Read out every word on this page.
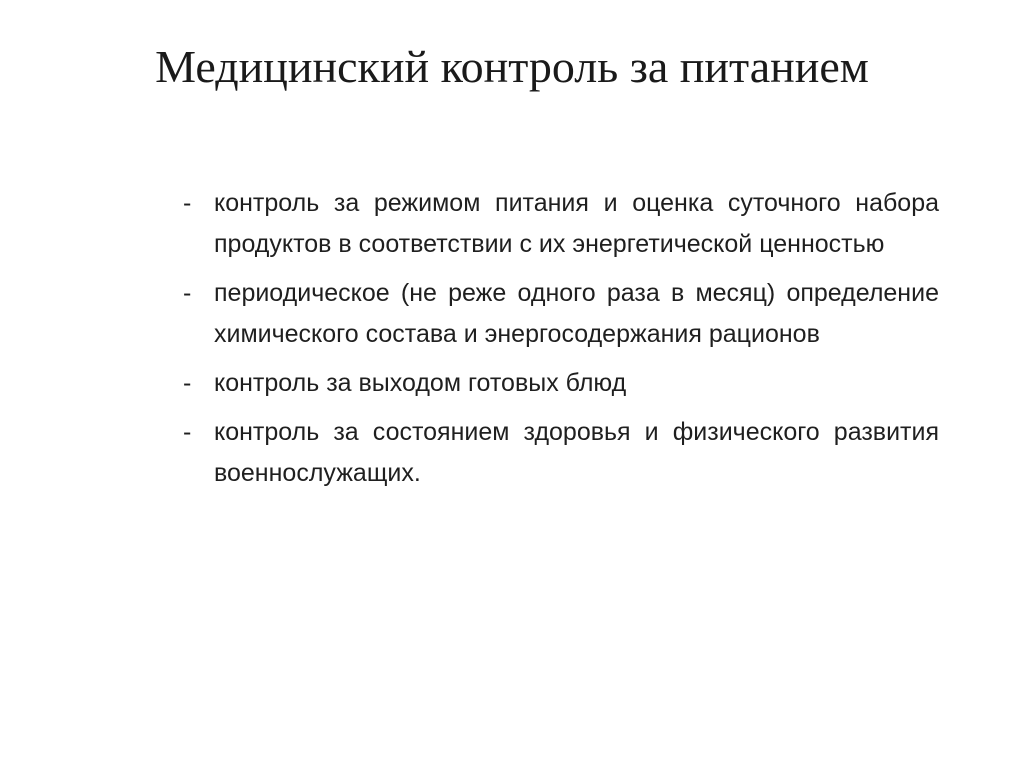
Медицинский контроль за питанием
- контроль за режимом питания и оценка суточного набора продуктов в соответствии с их энергетической ценностью
- периодическое (не реже одного раза в месяц) определение химического состава и энергосодержания рационов
- контроль за выходом готовых блюд
- контроль за состоянием здоровья и физического развития военнослужащих.
